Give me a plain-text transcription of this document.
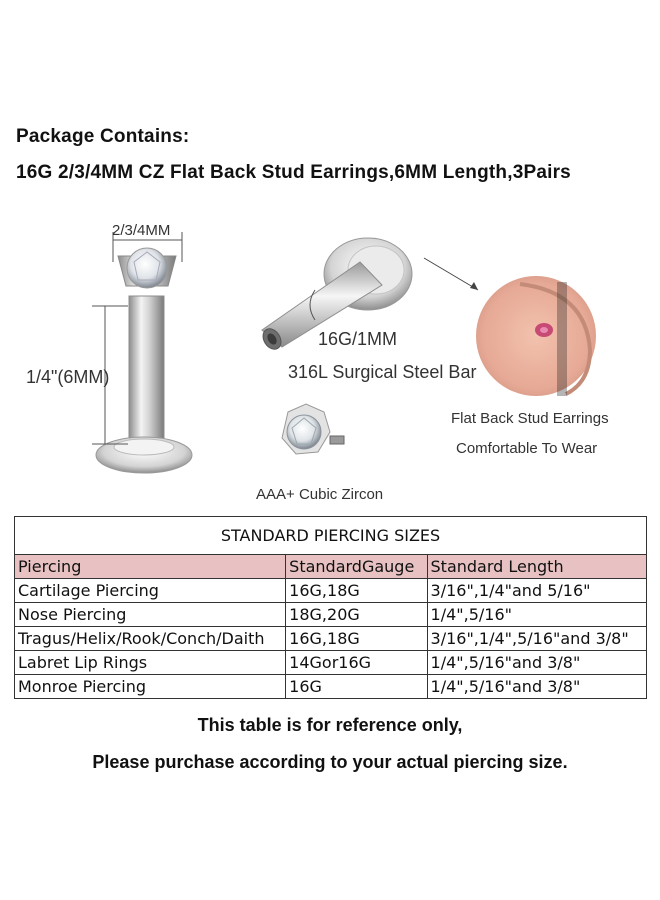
Package Contains:
16G 2/3/4MM CZ Flat Back Stud Earrings,6MM Length,3Pairs
2/3/4MM
1/4"(6MM)
16G/1MM
316L Surgical Steel Bar
AAA+ Cubic Zircon
Flat Back Stud Earrings
Comfortable To Wear
STANDARD PIERCING SIZES		
Piercing	StandardGauge	Standard Length
Cartilage Piercing	16G,18G	3/16",1/4"and 5/16"
Nose Piercing	18G,20G	1/4",5/16"
Tragus/Helix/Rook/Conch/Daith	16G,18G	3/16",1/4",5/16"and 3/8"
Labret Lip Rings	14Gor16G	1/4",5/16"and 3/8"
Monroe Piercing	16G	1/4",5/16"and 3/8"
This table is for reference only,
Please purchase according to your actual piercing size.
